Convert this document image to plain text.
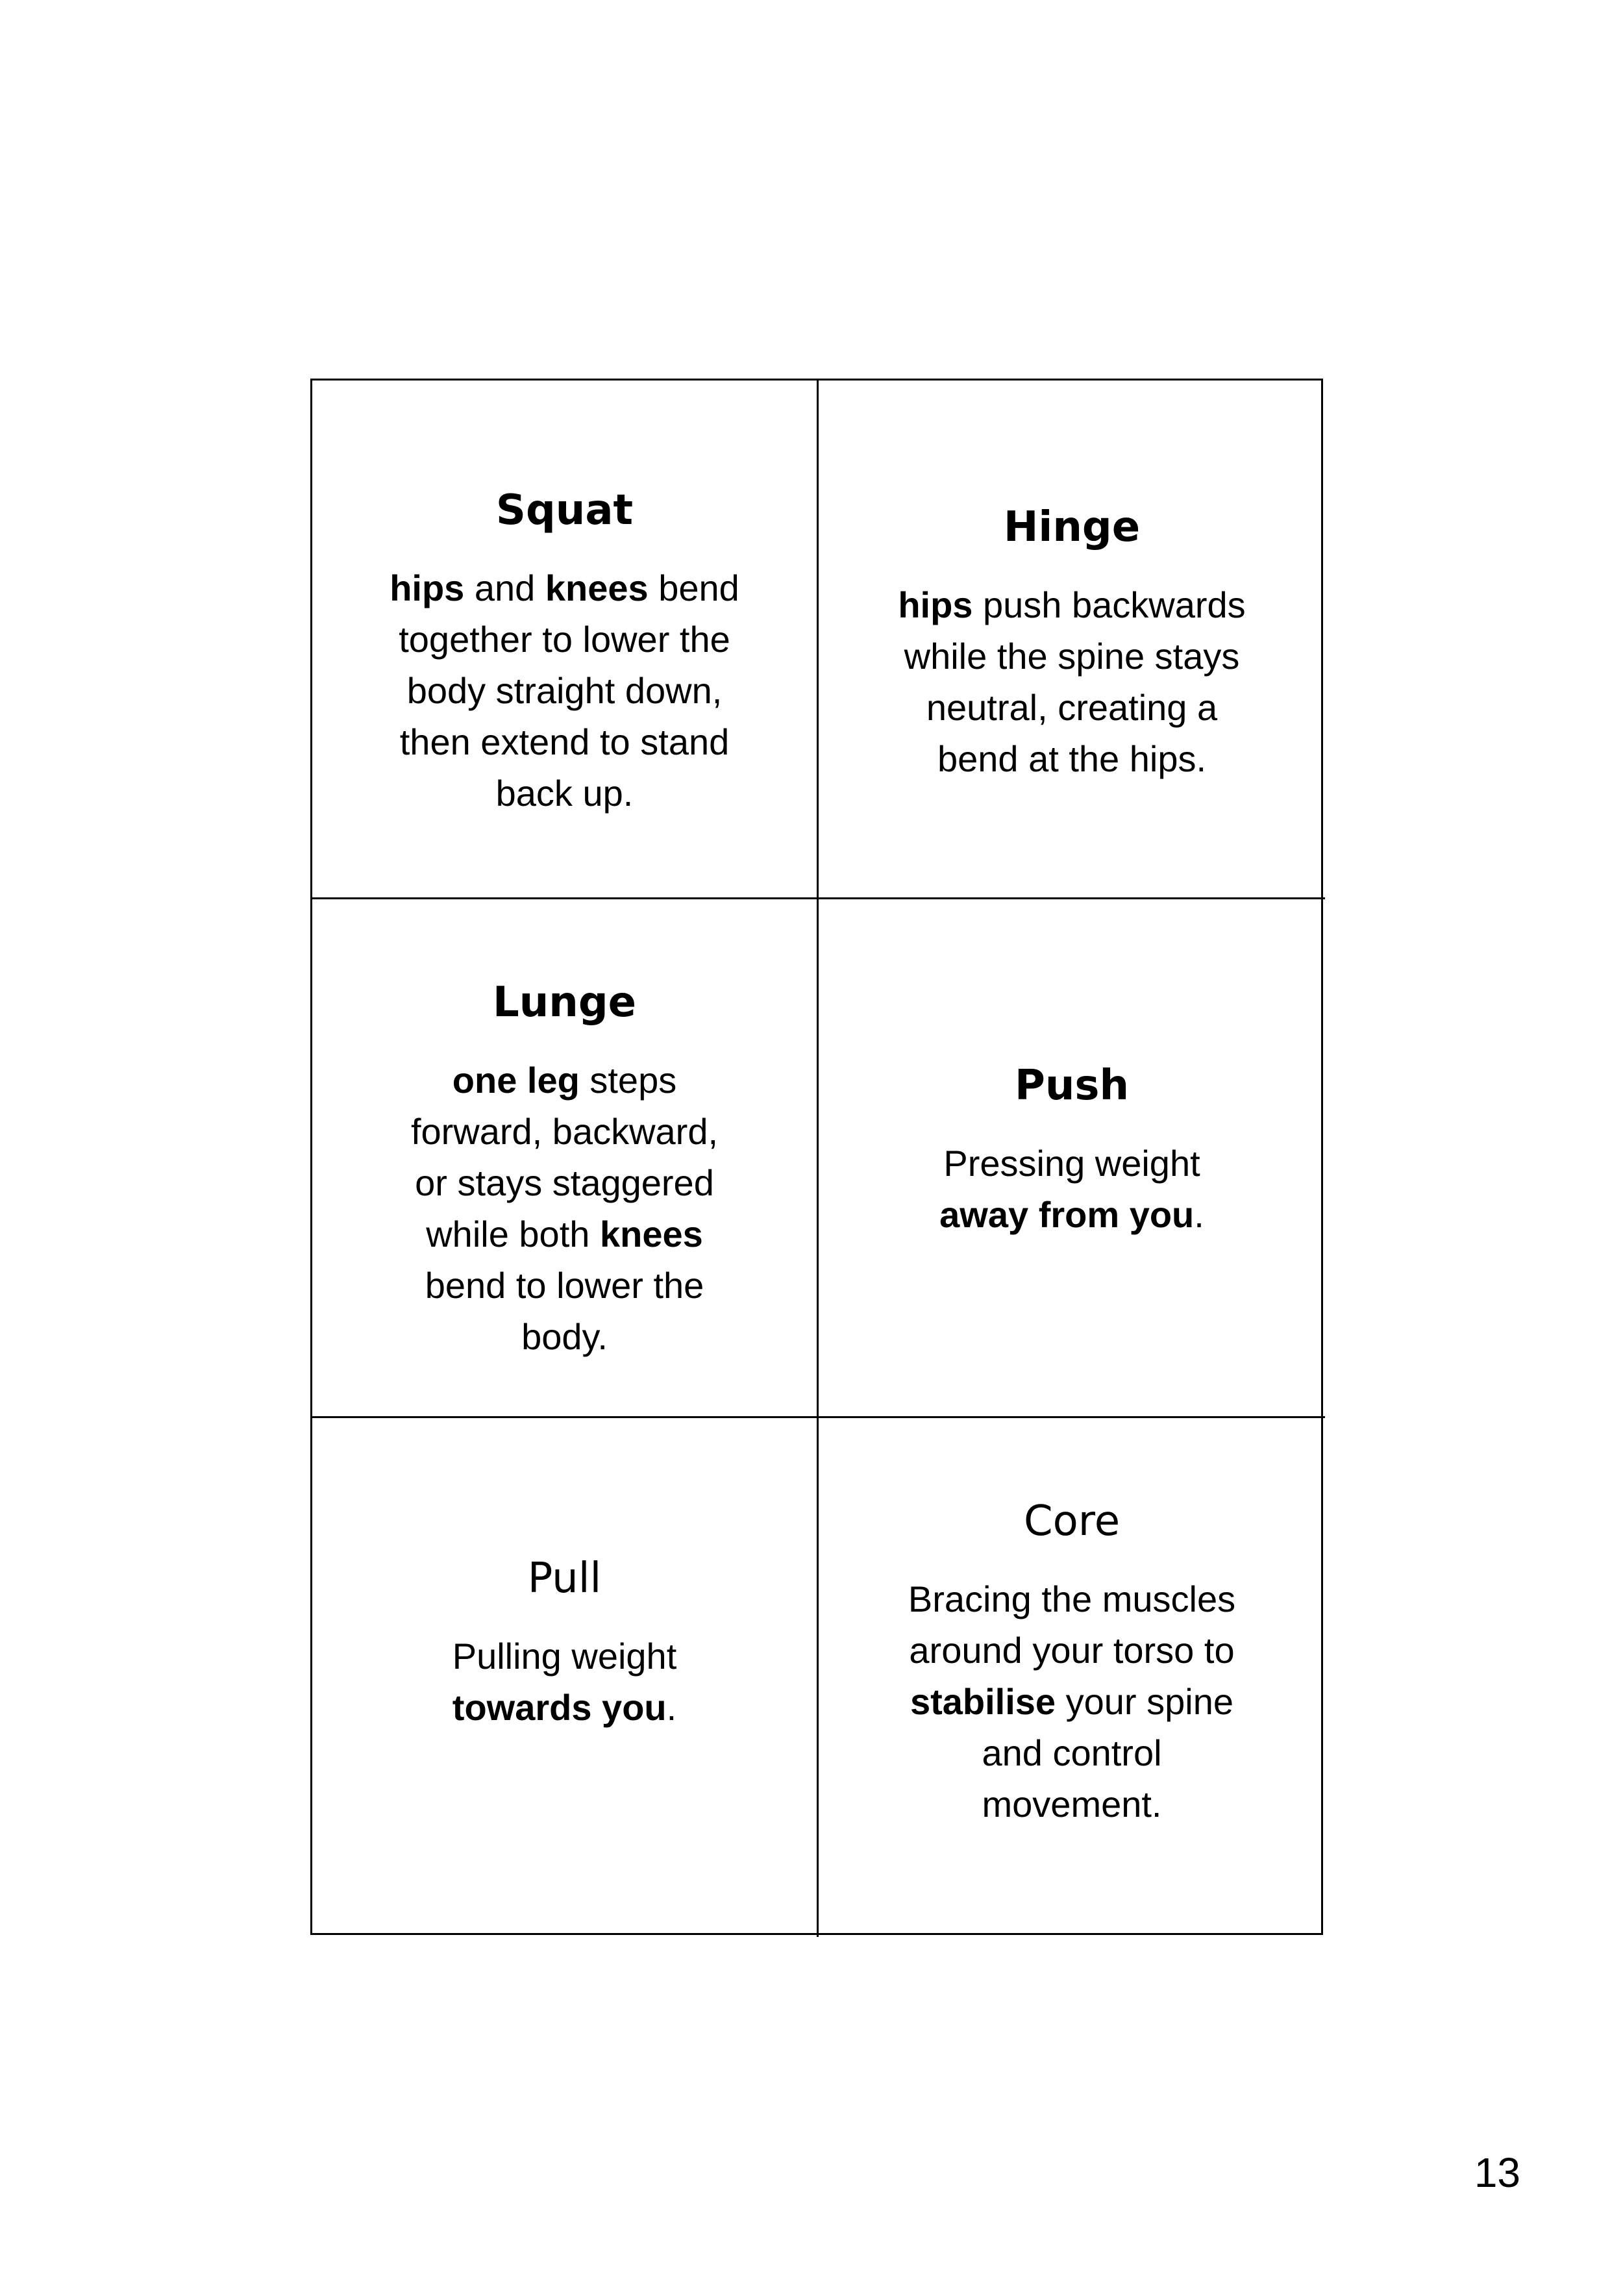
Squat
hips and knees bend
together to lower the
body straight down,
then extend to stand
back up.
Hinge
hips push backwards
while the spine stays
neutral, creating a
bend at the hips.
Lunge
one leg steps
forward, backward,
or stays staggered
while both knees
bend to lower the
body.
Push
Pressing weight
away from you.
Pull
Pulling weight
towards you.
Core
Bracing the muscles
around your torso to
stabilise your spine
and control
movement.
13
